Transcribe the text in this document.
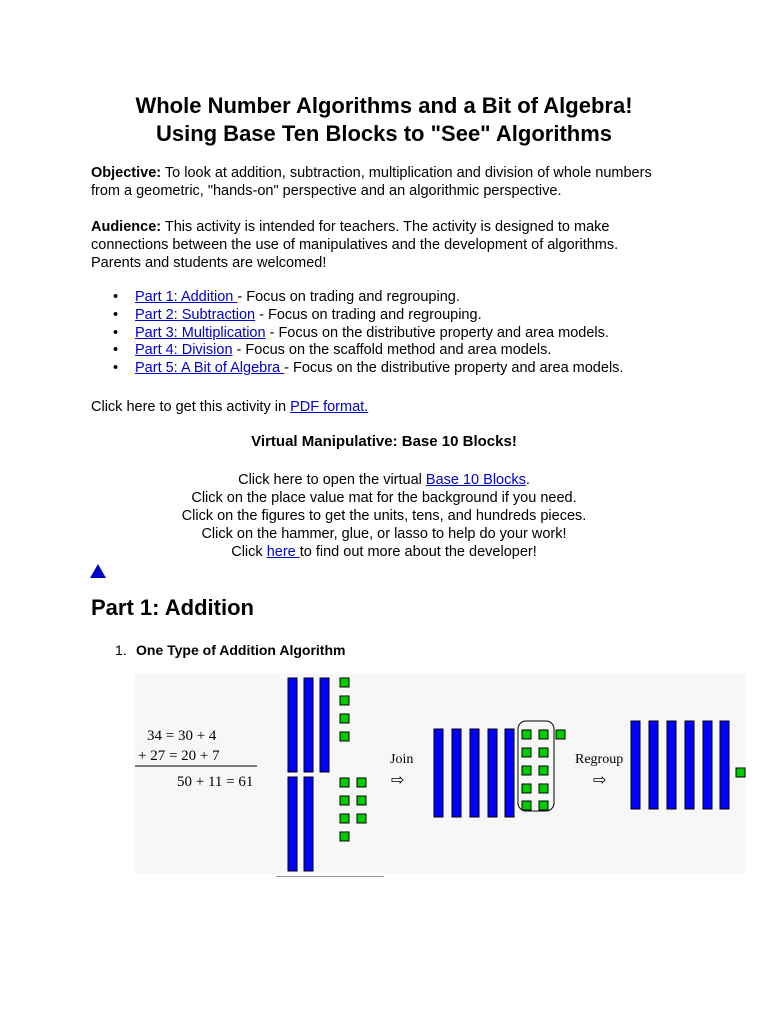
Whole Number Algorithms and a Bit of Algebra!
Using Base Ten Blocks to "See" Algorithms
Objective: To look at addition, subtraction, multiplication and division of whole numbers
from a geometric, "hands-on" perspective and an algorithmic perspective.
Audience: This activity is intended for teachers. The activity is designed to make
connections between the use of manipulatives and the development of algorithms.
Parents and students are welcomed!
• Part 1: Addition - Focus on trading and regrouping.
• Part 2: Subtraction - Focus on trading and regrouping.
• Part 3: Multiplication - Focus on the distributive property and area models.
• Part 4: Division - Focus on the scaffold method and area models.
• Part 5: A Bit of Algebra - Focus on the distributive property and area models.
Click here to get this activity in PDF format.
Virtual Manipulative: Base 10 Blocks!
Click here to open the virtual Base 10 Blocks.
Click on the place value mat for the background if you need.
Click on the figures to get the units, tens, and hundreds pieces.
Click on the hammer, glue, or lasso to help do your work!
Click here to find out more about the developer!
Part 1: Addition
1. One Type of Addition Algorithm
34 = 30 + 4
+ 27 = 20 + 7
50 + 11 = 61
Join
⇨
Regroup
⇨
